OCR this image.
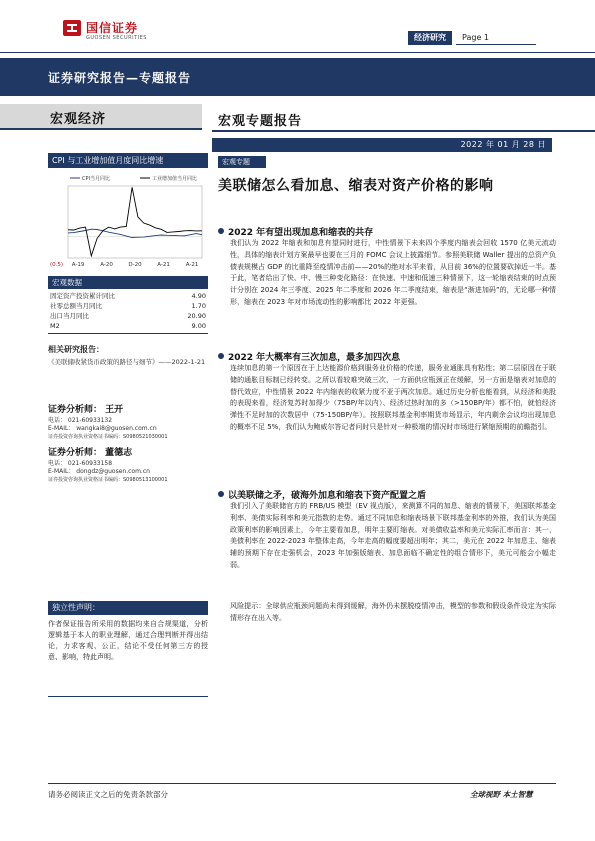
国信证券
GUOSEN SECURITIES	经济研究	Page 1
证券研究报告—专题报告
宏观经济	宏观专题报告
2022 年 01 月 28 日
CPI 与工业增加值月度同比增速
CPI当月同比	工业增加值当月同比
A-19	A-20	D-20	A-21	A-21
(0.5)
宏观数据
固定资产投资累计同比	4.90
社零总额当月同比	1.70
出口当月同比	20.90
M2	9.00
相关研究报告：
《美联储收紧货币政策的路径与细节》——2022-1-21
证券分析师： 王开
电话： 021-60933132
E-MAIL： wangkai8@guosen.com.cn
证券投资咨询执业资格证书编码：S0980521030001
证券分析师： 董德志
电话： 021-60933158
E-MAIL： dongdz@guosen.com.cn
证券投资咨询执业资格证书编码：S0980513100001
独立性声明：
作者保证报告所采用的数据均来自合规渠道，分析逻辑基于本人的职业理解，通过合理判断并得出结论，力求客观、公正，结论不受任何第三方的授意、影响，特此声明。
宏观专题
美联储怎么看加息、缩表对资产价格的影响
2022 年有望出现加息和缩表的共存
我们认为 2022 年缩表和加息有望同时进行，中性情景下未来四个季度内缩表会回收 1570 亿美元流动性，具体的缩表计划方案最早也要在三月的 FOMC 会议上披露细节。参照美联储 Waller 提出的总资产负债表规模占 GDP 的比重降至疫情冲击前——20%的绝对水平来看，从目前 36%的位置要砍掉近一半。基于此，笔者给出了快、中、慢三种变化路径：在快速、中速和低速三种情景下，这一轮缩表结束的时点预计分别在 2024 年三季度、2025 年二季度和 2026 年二季度结束，缩表是“渐进加码”的，无论哪一种情形，缩表在 2023 年对市场流动性的影响都比 2022 年更强。
2022 年大概率有三次加息，最多加四次息
连续加息的第一个原因在于上达能源价格到服务业价格的传递，服务业通胀具有粘性；第二层原因在于联储的通胀目标制已经转变。之所以看较难突破三次，一方面供应瓶颈正在缓解，另一方面是缩表对加息的替代效应，中性情景 2022 年内缩表的收紧力度不亚于两次加息。通过历史分析也能看到，从经济和美股的表现来看，经济复苏时加得少（75BP/年以内）、经济过热时加的多（>150BP/年）都不怕，就怕经济弹性不足时加的次数居中（75-150BP/年）。按照联邦基金利率期货市场显示，年内剩余会议均出现加息的概率不足 5%，我们认为鲍威尔答记者问时只是针对一种极端的情况时市场进行紧缩预期的前瞻指引。
以美联储之矛，破海外加息和缩表下资产配置之盾
我们引入了美联储官方的 FRB/US 模型（EV 视点版），来测算不同的加息、缩表的情景下，美国联邦基金利率、美债实际利率和美元指数的走势。通过不同加息和缩表场景下联邦基金利率的外推，我们认为美国政策利率的影响因素上，今年主要看加息，明年主要盯缩表。对美债收益率和美元实际汇率而言：其一，美债利率在 2022-2023 年整体走高，今年走高的幅度要超出明年；其二，美元在 2022 年加息主、缩表辅的预期下存在走强机会，2023 年加强版缩表、加息面临不确定性的组合情形下，美元可能会小幅走弱。
风险提示：全球供应瓶颈问题尚未得到缓解，海外仍未摆脱疫情冲击，模型的参数和假设条件设定为实际情形存在出入等。
请务必阅读正文之后的免责条款部分	全球视野 本土智慧
